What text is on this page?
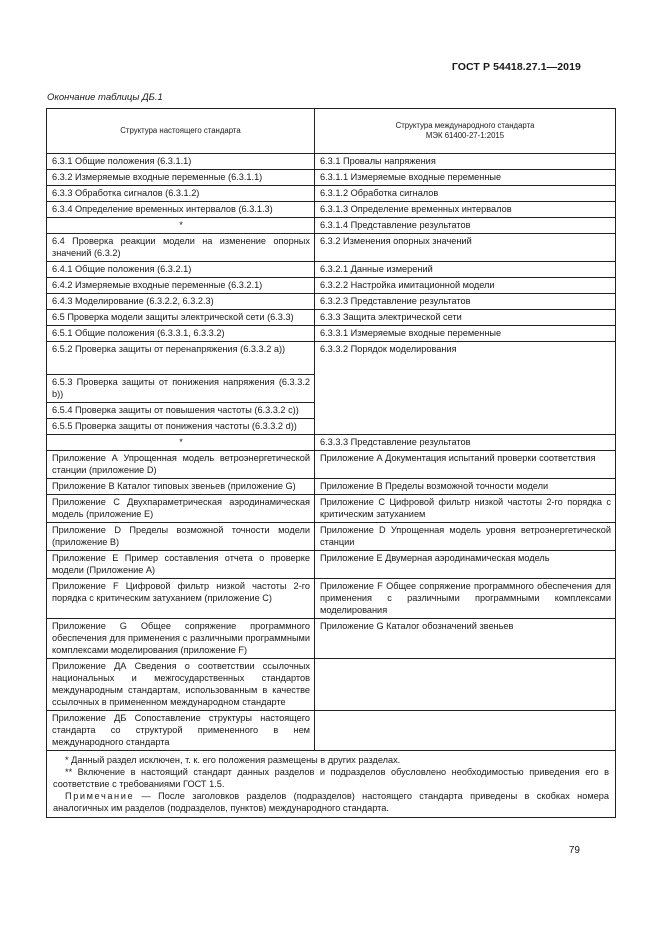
ГОСТ Р 54418.27.1—2019
Окончание таблицы ДБ.1
Структура настоящего стандарта	Структура международного стандарта
МЭК 61400-27-1:2015

6.3.1 Общие положения (6.3.1.1)	6.3.1 Провалы напряжения
6.3.2 Измеряемые входные переменные (6.3.1.1)	6.3.1.1 Измеряемые входные переменные
6.3.3 Обработка сигналов (6.3.1.2)	6.3.1.2 Обработка сигналов
6.3.4 Определение временных интервалов (6.3.1.3)	6.3.1.3 Определение временных интервалов
*	6.3.1.4 Представление результатов
6.4 Проверка реакции модели на изменение опорных значений (6.3.2)	6.3.2 Изменения опорных значений
6.4.1 Общие положения (6.3.2.1)	6.3.2.1 Данные измерений
6.4.2 Измеряемые входные переменные (6.3.2.1)	6.3.2.2 Настройка имитационной модели
6.4.3 Моделирование (6.3.2.2, 6.3.2.3)	6.3.2.3 Представление результатов
6.5 Проверка модели защиты электрической сети (6.3.3)	6.3.3 Защита электрической сети
6.5.1 Общие положения (6.3.3.1, 6.3.3.2)	6.3.3.1 Измеряемые входные переменные
6.5.2 Проверка защиты от перенапряжения (6.3.3.2 a))	6.3.3.2 Порядок моделирования
6.5.3 Проверка защиты от понижения напряжения (6.3.3.2 b))	
6.5.4 Проверка защиты от повышения частоты (6.3.3.2 c))	
6.5.5 Проверка защиты от понижения частоты (6.3.3.2 d))	
*	6.3.3.3 Представление результатов
Приложение А Упрощенная модель ветроэнергетической станции (приложение D)	Приложение А Документация испытаний проверки соответствия
Приложение В Каталог типовых звеньев (приложение G)	Приложение В Пределы возможной точности модели
Приложение С Двухпараметрическая аэродинамическая модель (приложение Е)	Приложение С Цифровой фильтр низкой частоты 2-го порядка с критическим затуханием
Приложение D Пределы возможной точности модели (приложение В)	Приложение D Упрощенная модель уровня ветроэнергетической станции
Приложение Е Пример составления отчета о проверке модели (Приложение А)	Приложение Е Двумерная аэродинамическая модель
Приложение F Цифровой фильтр низкой частоты 2-го порядка с критическим затуханием (приложение С)	Приложение F Общее сопряжение программного обеспечения для применения с различными программными комплексами моделирования
Приложение G Общее сопряжение программного обеспечения для применения с различными программными комплексами моделирования (приложение F)	Приложение G Каталог обозначений звеньев
Приложение ДА Сведения о соответствии ссылочных национальных и межгосударственных стандартов международным стандартам, использованным в качестве ссылочных в примененном международном стандарте	
Приложение ДБ Сопоставление структуры настоящего стандарта со структурой примененного в нем международного стандарта	

* Данный раздел исключен, т. к. его положения размещены в других разделах.
** Включение в настоящий стандарт данных разделов и подразделов обусловлено необходимостью приведения его в соответствие с требованиями ГОСТ 1.5.
Примечание — После заголовков разделов (подразделов) настоящего стандарта приведены в скобках номера аналогичных им разделов (подразделов, пунктов) международного стандарта.	
79
